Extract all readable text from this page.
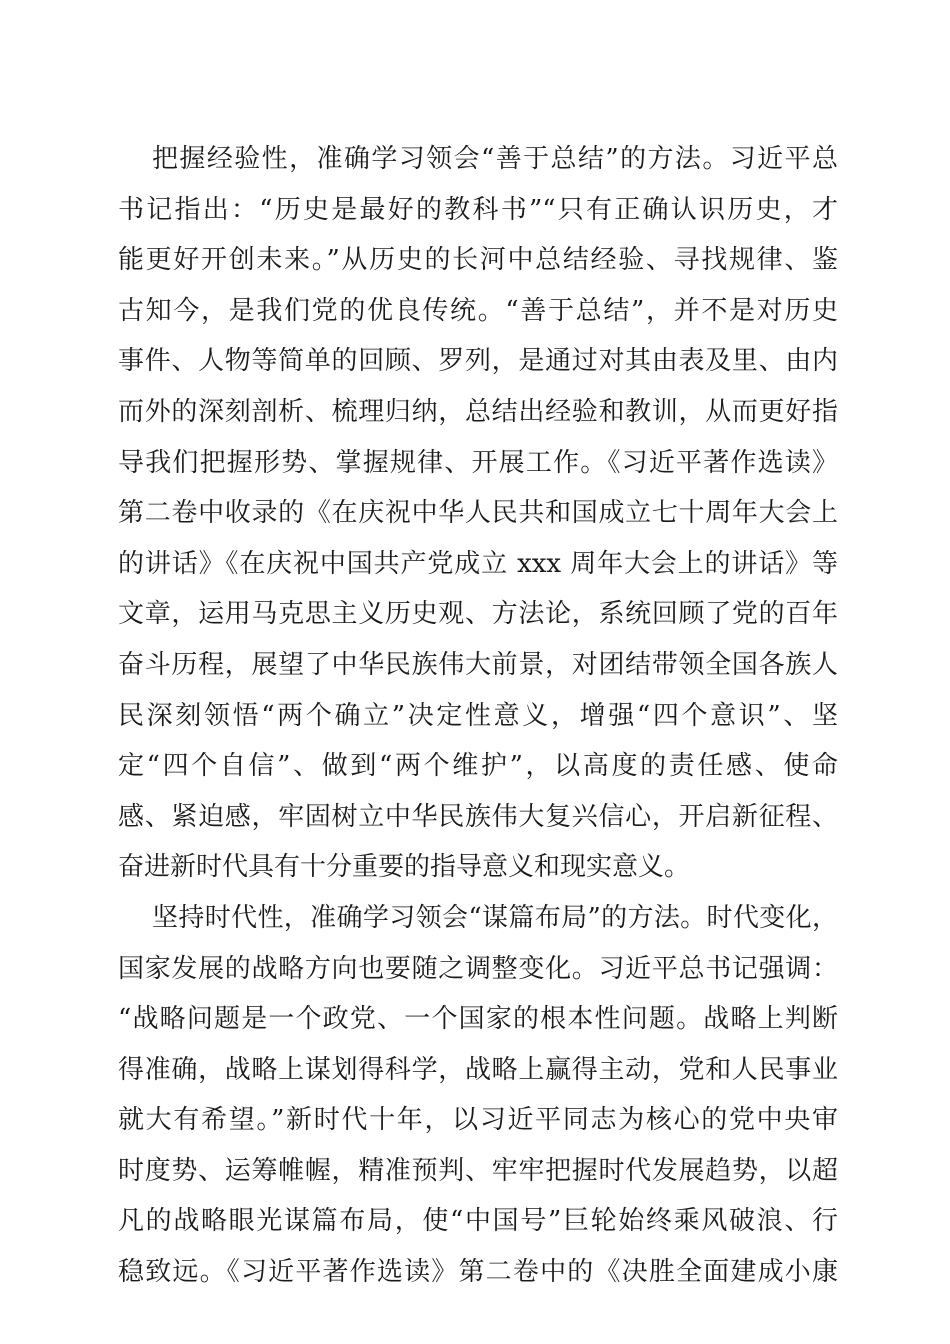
把握经验性，准确学习领会“善于总结”的方法。习近平总
书记指出：“历史是最好的教科书”“只有正确认识历史，才
能更好开创未来。”从历史的长河中总结经验、寻找规律、鉴
古知今，是我们党的优良传统。“善于总结”，并不是对历史
事件、人物等简单的回顾、罗列，是通过对其由表及里、由内
而外的深刻剖析、梳理归纳，总结出经验和教训，从而更好指
导我们把握形势、掌握规律、开展工作。《习近平著作选读》
第二卷中收录的《在庆祝中华人民共和国成立七十周年大会上
的讲话》《在庆祝中国共产党成立 xxx 周年大会上的讲话》等
文章，运用马克思主义历史观、方法论，系统回顾了党的百年
奋斗历程，展望了中华民族伟大前景，对团结带领全国各族人
民深刻领悟“两个确立”决定性意义，增强“四个意识”、坚
定“四个自信”、做到“两个维护”，以高度的责任感、使命
感、紧迫感，牢固树立中华民族伟大复兴信心，开启新征程、
奋进新时代具有十分重要的指导意义和现实意义。
坚持时代性，准确学习领会“谋篇布局”的方法。时代变化，
国家发展的战略方向也要随之调整变化。习近平总书记强调：
“战略问题是一个政党、一个国家的根本性问题。战略上判断
得准确，战略上谋划得科学，战略上赢得主动，党和人民事业
就大有希望。”新时代十年，以习近平同志为核心的党中央审
时度势、运筹帷幄，精准预判、牢牢把握时代发展趋势，以超
凡的战略眼光谋篇布局，使“中国号”巨轮始终乘风破浪、行
稳致远。《习近平著作选读》第二卷中的《决胜全面建成小康
